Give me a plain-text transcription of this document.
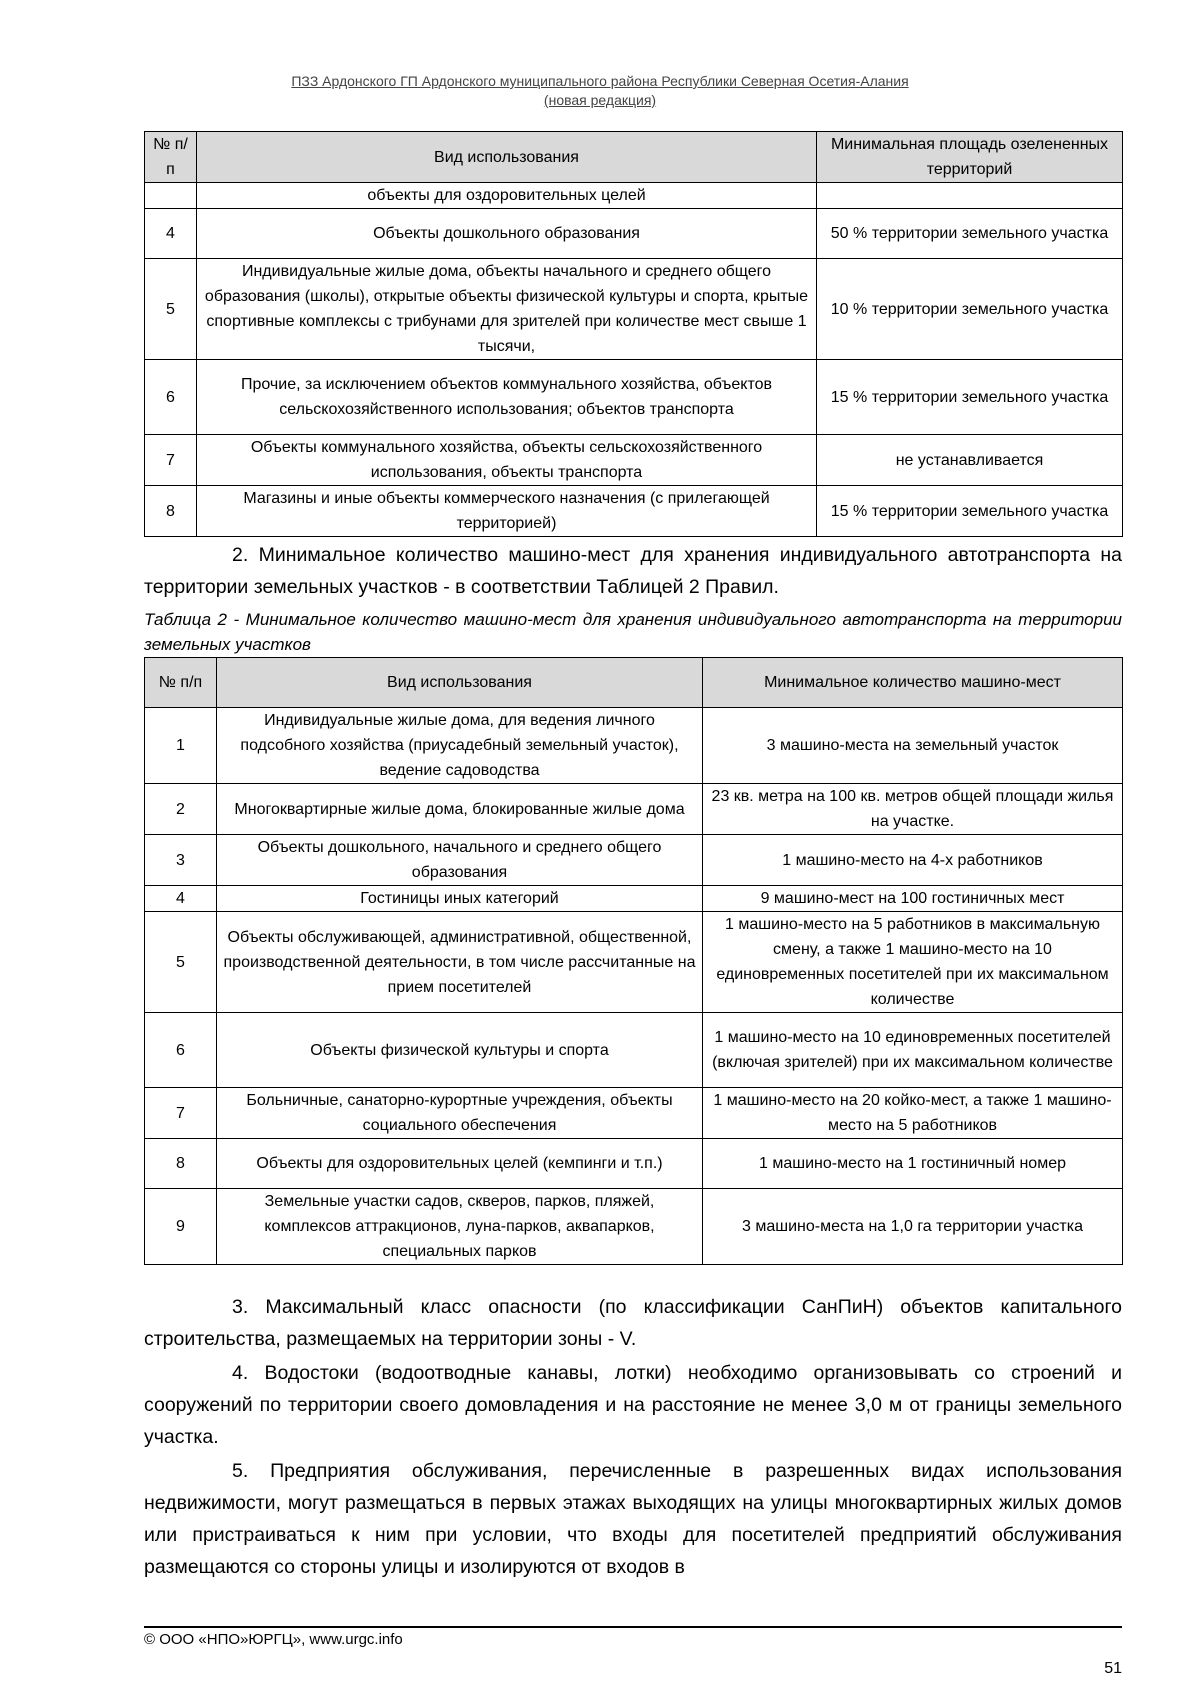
ПЗЗ Ардонского ГП Ардонского муниципального района Республики Северная Осетия-Алания
(новая редакция)
№ п/п	Вид использования	Минимальная площадь озелененных территорий
	объекты для оздоровительных целей	
4	Объекты дошкольного образования	50 % территории земельного участка
5	Индивидуальные жилые дома, объекты начального и среднего общего образования (школы), открытые объекты физической культуры и спорта, крытые спортивные комплексы с трибунами для зрителей при количестве мест свыше 1 тысячи,	10 % территории земельного участка
6	Прочие, за исключением объектов коммунального хозяйства, объектов сельскохозяйственного использования; объектов транспорта	15 % территории земельного участка
7	Объекты коммунального хозяйства, объекты сельскохозяйственного использования, объекты транспорта	не устанавливается
8	Магазины и иные объекты коммерческого назначения (с прилегающей территорией)	15 % территории земельного участка

2. Минимальное количество машино-мест для хранения индивидуального автотранспорта на территории земельных участков - в соответствии Таблицей 2 Правил.

Таблица 2 - Минимальное количество машино-мест для хранения индивидуального автотранспорта на территории земельных участков

№ п/п	Вид использования	Минимальное количество машино-мест
1	Индивидуальные жилые дома, для ведения личного подсобного хозяйства (приусадебный земельный участок), ведение садоводства	3 машино-места на земельный участок
2	Многоквартирные жилые дома, блокированные жилые дома	23 кв. метра на 100 кв. метров общей площади жилья на участке.
3	Объекты дошкольного, начального и среднего общего образования	1 машино-место на 4-х работников
4	Гостиницы иных категорий	9 машино-мест на 100 гостиничных мест
5	Объекты обслуживающей, административной, общественной, производственной деятельности, в том числе рассчитанные на прием посетителей	1 машино-место на 5 работников в максимальную смену, а также 1 машино-место на 10 единовременных посетителей при их максимальном количестве
6	Объекты физической культуры и спорта	1 машино-место на 10 единовременных посетителей (включая зрителей) при их максимальном количестве
7	Больничные, санаторно-курортные учреждения, объекты социального обеспечения	1 машино-место на 20 койко-мест, а также 1 машино-место на 5 работников
8	Объекты для оздоровительных целей (кемпинги и т.п.)	1 машино-место на 1 гостиничный номер
9	Земельные участки садов, скверов, парков, пляжей, комплексов аттракционов, луна-парков, аквапарков, специальных парков	3 машино-места на 1,0 га территории участка

3. Максимальный класс опасности (по классификации СанПиН) объектов капитального строительства, размещаемых на территории зоны - V.

4. Водостоки (водоотводные канавы, лотки) необходимо организовывать со строений и сооружений по территории своего домовладения и на расстояние не менее 3,0 м от границы земельного участка.

5. Предприятия обслуживания, перечисленные в разрешенных видах использования недвижимости, могут размещаться в первых этажах выходящих на улицы многоквартирных жилых домов или пристраиваться к ним при условии, что входы для посетителей предприятий обслуживания размещаются со стороны улицы и изолируются от входов в

© ООО «НПО»ЮРГЦ», www.urgc.info
51
